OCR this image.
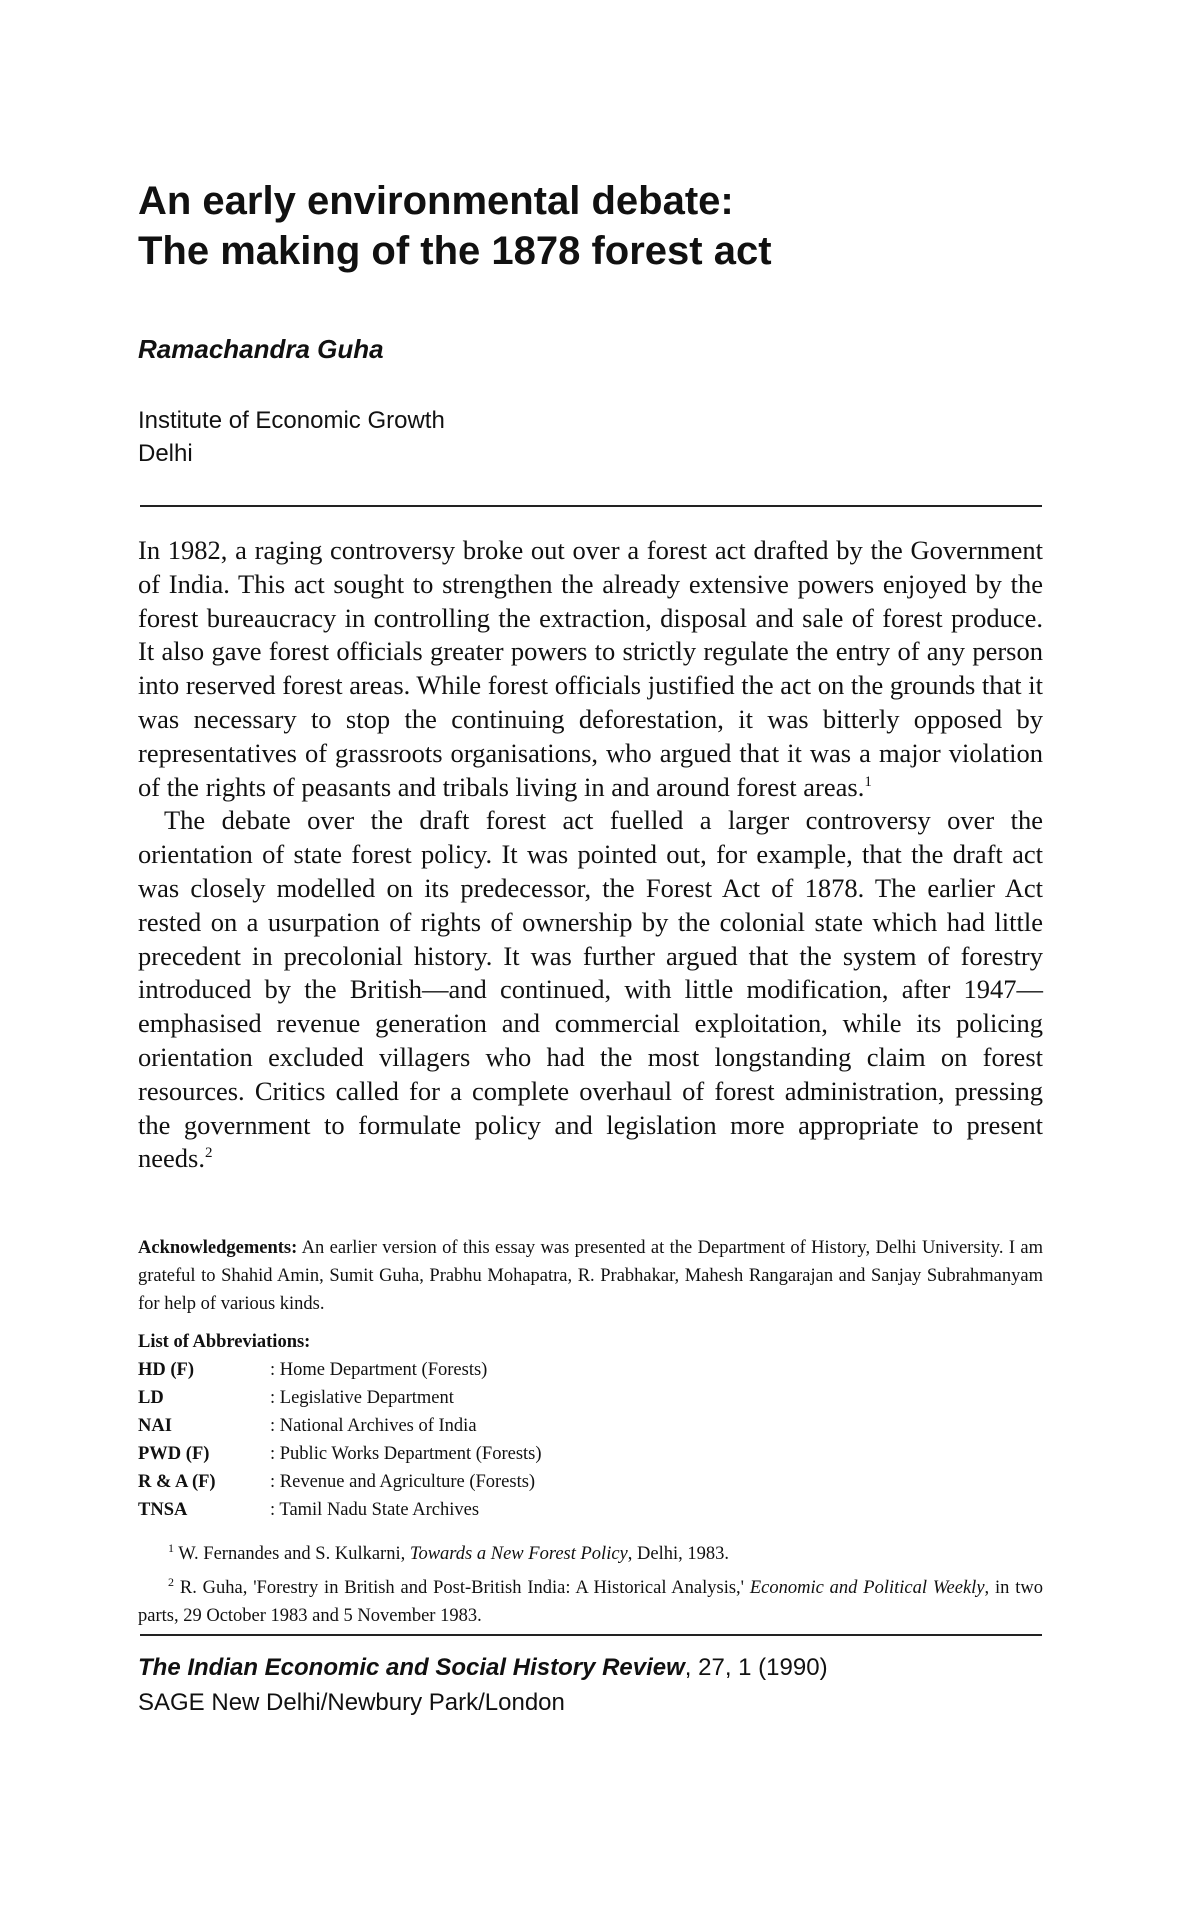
An early environmental debate:
The making of the 1878 forest act
Ramachandra Guha
Institute of Economic Growth
Delhi

In 1982, a raging controversy broke out over a forest act drafted by the Government of India. This act sought to strengthen the already extensive powers enjoyed by the forest bureaucracy in controlling the extraction, disposal and sale of forest produce. It also gave forest officials greater powers to strictly regulate the entry of any person into reserved forest areas. While forest officials justified the act on the grounds that it was necessary to stop the continuing deforestation, it was bitterly opposed by representatives of grassroots organisations, who argued that it was a major violation of the rights of peasants and tribals living in and around forest areas.$^1$

The debate over the draft forest act fuelled a larger controversy over the orientation of state forest policy. It was pointed out, for example, that the draft act was closely modelled on its predecessor, the Forest Act of 1878. The earlier Act rested on a usurpation of rights of ownership by the colonial state which had little precedent in precolonial history. It was further argued that the system of forestry introduced by the British—and continued, with little modification, after 1947—emphasised revenue generation and commercial exploitation, while its policing orientation excluded villagers who had the most longstanding claim on forest resources. Critics called for a complete overhaul of forest administration, pressing the government to formulate policy and legislation more appropriate to present needs.$^2$

Acknowledgements: An earlier version of this essay was presented at the Department of History, Delhi University. I am grateful to Shahid Amin, Sumit Guha, Prabhu Mohapatra, R. Prabhakar, Mahesh Rangarajan and Sanjay Subrahmanyam for help of various kinds.

List of Abbreviations:
HD (F)	: Home Department (Forests)
LD	: Legislative Department
NAI	: National Archives of India
PWD (F)	: Public Works Department (Forests)
R & A (F)	: Revenue and Agriculture (Forests)
TNSA	: Tamil Nadu State Archives

$^1$ W. Fernandes and S. Kulkarni, Towards a New Forest Policy, Delhi, 1983.

$^2$ R. Guha, 'Forestry in British and Post-British India: A Historical Analysis,' Economic and Political Weekly, in two parts, 29 October 1983 and 5 November 1983.

The Indian Economic and Social History Review, 27, 1 (1990)
SAGE New Delhi/Newbury Park/London
